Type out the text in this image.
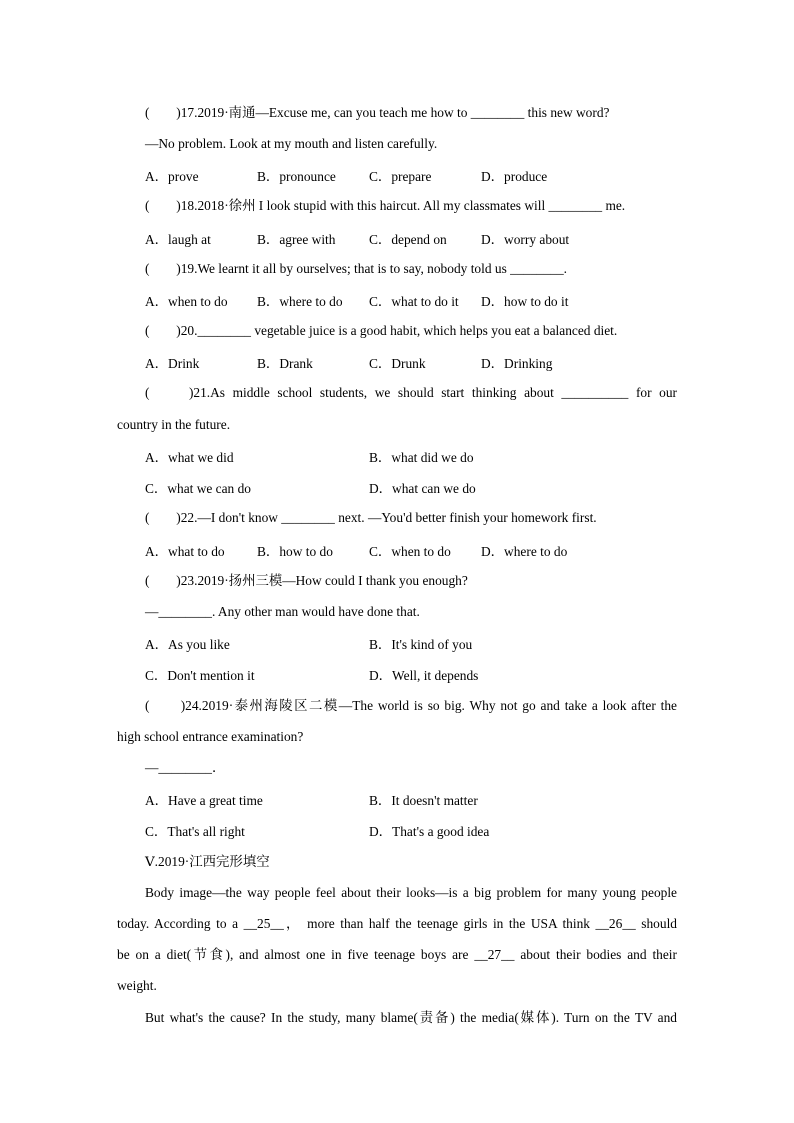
(　　)17.2019·南通—Excuse me, can you teach me how to ________ this new word?
—No problem. Look at my mouth and listen carefully.
A．prove	B．pronounce C．prepare	D．produce
(　　)18.2018·徐州 I look stupid with this haircut. All my classmates will ________ me.
A．laugh at	B．agree with	C．depend on	D．worry about
(　　)19.We learnt it all by ourselves; that is to say, nobody told us ________.
A．when to do B．where to do C．what to do it D．how to do it
(　　)20.________ vegetable juice is a good habit, which helps you eat a balanced diet.
A．Drink	B．Drank	C．Drunk	D．Drinking
(　　)21.As middle school students, we should start thinking about __________ for our
country in the future.
A．what we did	B．what did we do
C．what we can do	D．what can we do
(　　)22.—I don't know ________ next. —You'd better finish your homework first.
A．what to do B．how to do	C．when to do D．where to do
(　　)23.2019·扬州三模—How could I thank you enough?
—________. Any other man would have done that.
A．As you like	B．It's kind of you
C．Don't mention it	D．Well, it depends
(　　)24.2019·泰州海陵区二模—The world is so big. Why not go and take a look after the
high school entrance examination?
—________．
A．Have a great time	B．It doesn't matter
C．That's all right	D．That's a good idea
Ⅴ.2019·江西完形填空
Body image—the way people feel about their looks—is a big problem for many young people
today. According to a __25__， more than half the teenage girls in the USA think __26__ should
be on a diet(节食), and almost one in five teenage boys are __27__ about their bodies and their
weight.
But what's the cause? In the study, many blame(责备) the media(媒体). Turn on the TV and
